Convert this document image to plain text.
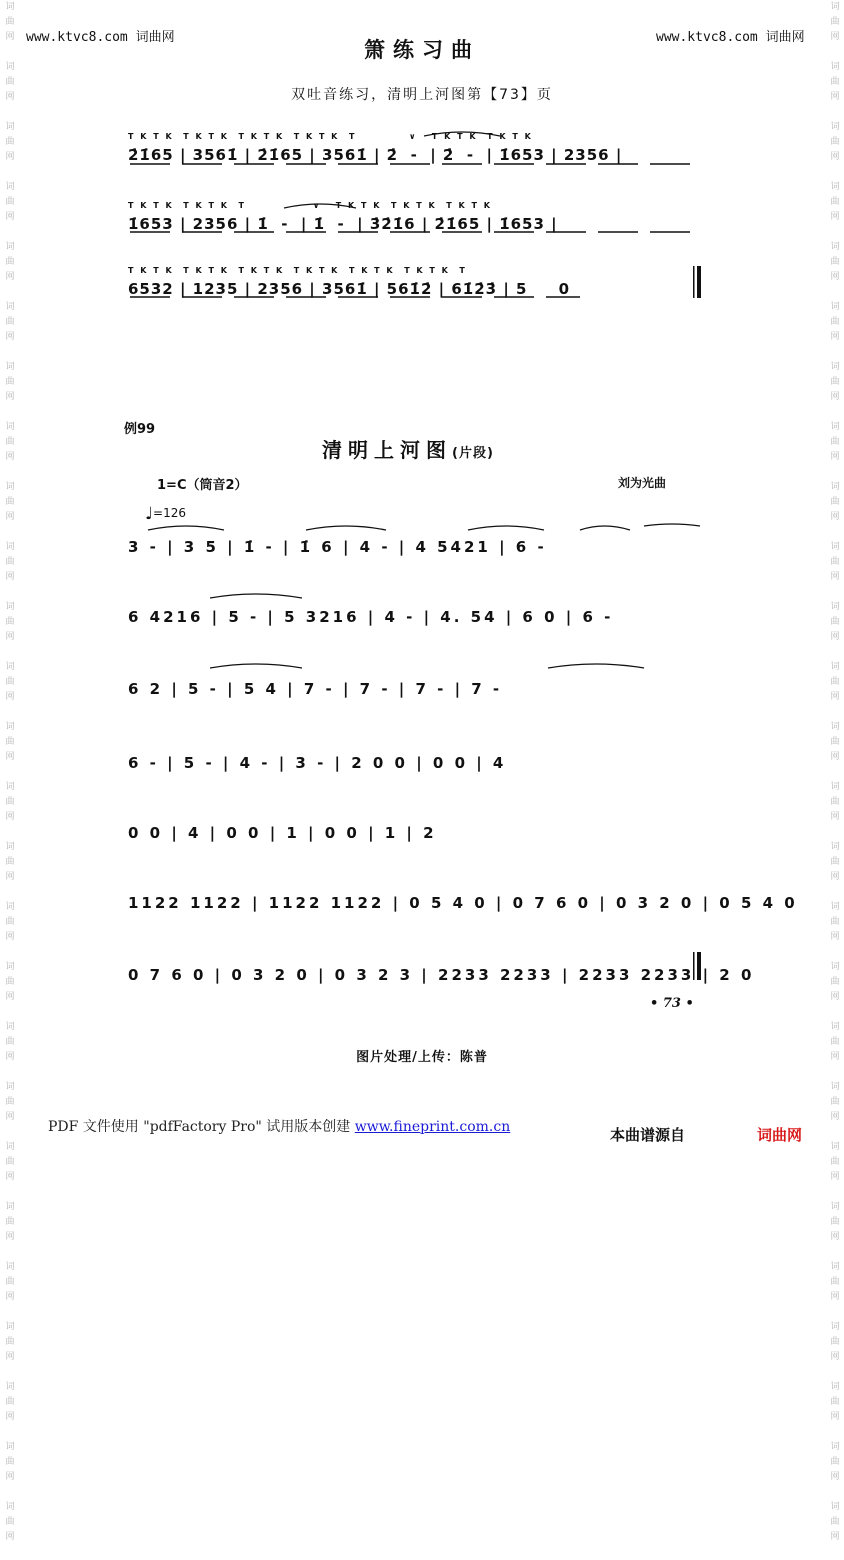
词
曲
网

词
曲
网

词
曲
网

词
曲
网

词
曲
网

词
曲
网

词
曲
网

词
曲
网

词
曲
网

词
曲
网

词
曲
网

词
曲
网

词
曲
网

词
曲
网

词
曲
网

词
曲
网

词
曲
网

词
曲
网

词
曲
网

词
曲
网

词
曲
网

词
曲
网

词
曲
网

词
曲
网

词
曲
网

词
曲
网

词
曲
网

词
曲
网

词
曲
网

词
曲
网

词
曲
网

词
曲
网

词
曲
网

词
曲
网

词
曲
网

词
曲
网

词
曲
网

词
曲
网

词
曲
网

词
曲
网

词
曲
网

词
曲
网

词
曲
网

词
曲
网

词
曲
网

词
曲
网

词
曲
网

词
曲
网

词
曲
网

词
曲
网

词
曲
网

词
曲
网

www.ktvc8.com 词曲网	www.ktvc8.com 词曲网
箫练习曲
双吐音练习，清明上河图第【73】页
T K T K  T K T K  T K T K  T K T K  T           ∨   T K T K  T K T K
2̇1̇65 | 3561̇ | 2̇1̇65 | 3561̇ | 2̇  -  | 2̇  -  | 1̇653 | 2356 |
T K T K  T K T K  T              ∨   T K T K  T K T K  T K T K
1̇653 | 2356 | 1̇  -  | 1̇  -  | 3̇2̇1̇6 | 2̇1̇65 | 1̇653 |
T K T K  T K T K  T K T K  T K T K  T K T K  T K T K  T
6532 | 1235 | 2356 | 3561̇ | 561̇2̇ | 61̇2̇3̇ | 5     0
例99
清明上河图(片段)
1=C（筒音2）	刘为光曲
♩=126
3 - | 3 5 | 1̇ - | 1̇ 6 | 4 - | 4 5421 | 6 -
6 4216 | 5 - | 5 3216 | 4 - | 4. 54 | 6 0 | 6 -
6 2 | 5 - | 5 4 | 7 - | 7 - | 7 - | 7 -
6 - | 5 - | 4 - | 3 - | 2 0 0 | 0 0 | 4
0 0 | 4 | 0 0 | 1 | 0 0 | 1 | 2
1122 1122 | 1122 1122 | 0 5 4 0 | 0 7 6 0 | 0 3 2 0 | 0 5 4 0
0 7 6 0 | 0 3 2 0 | 0 3 2 3 | 2233 2233 | 2233 2233 | 2 0
• 73 •
图片处理/上传：陈普
PDF 文件使用 "pdfFactory Pro" 试用版本创建 www.fineprint.com.cn	本曲谱源自	词曲网
